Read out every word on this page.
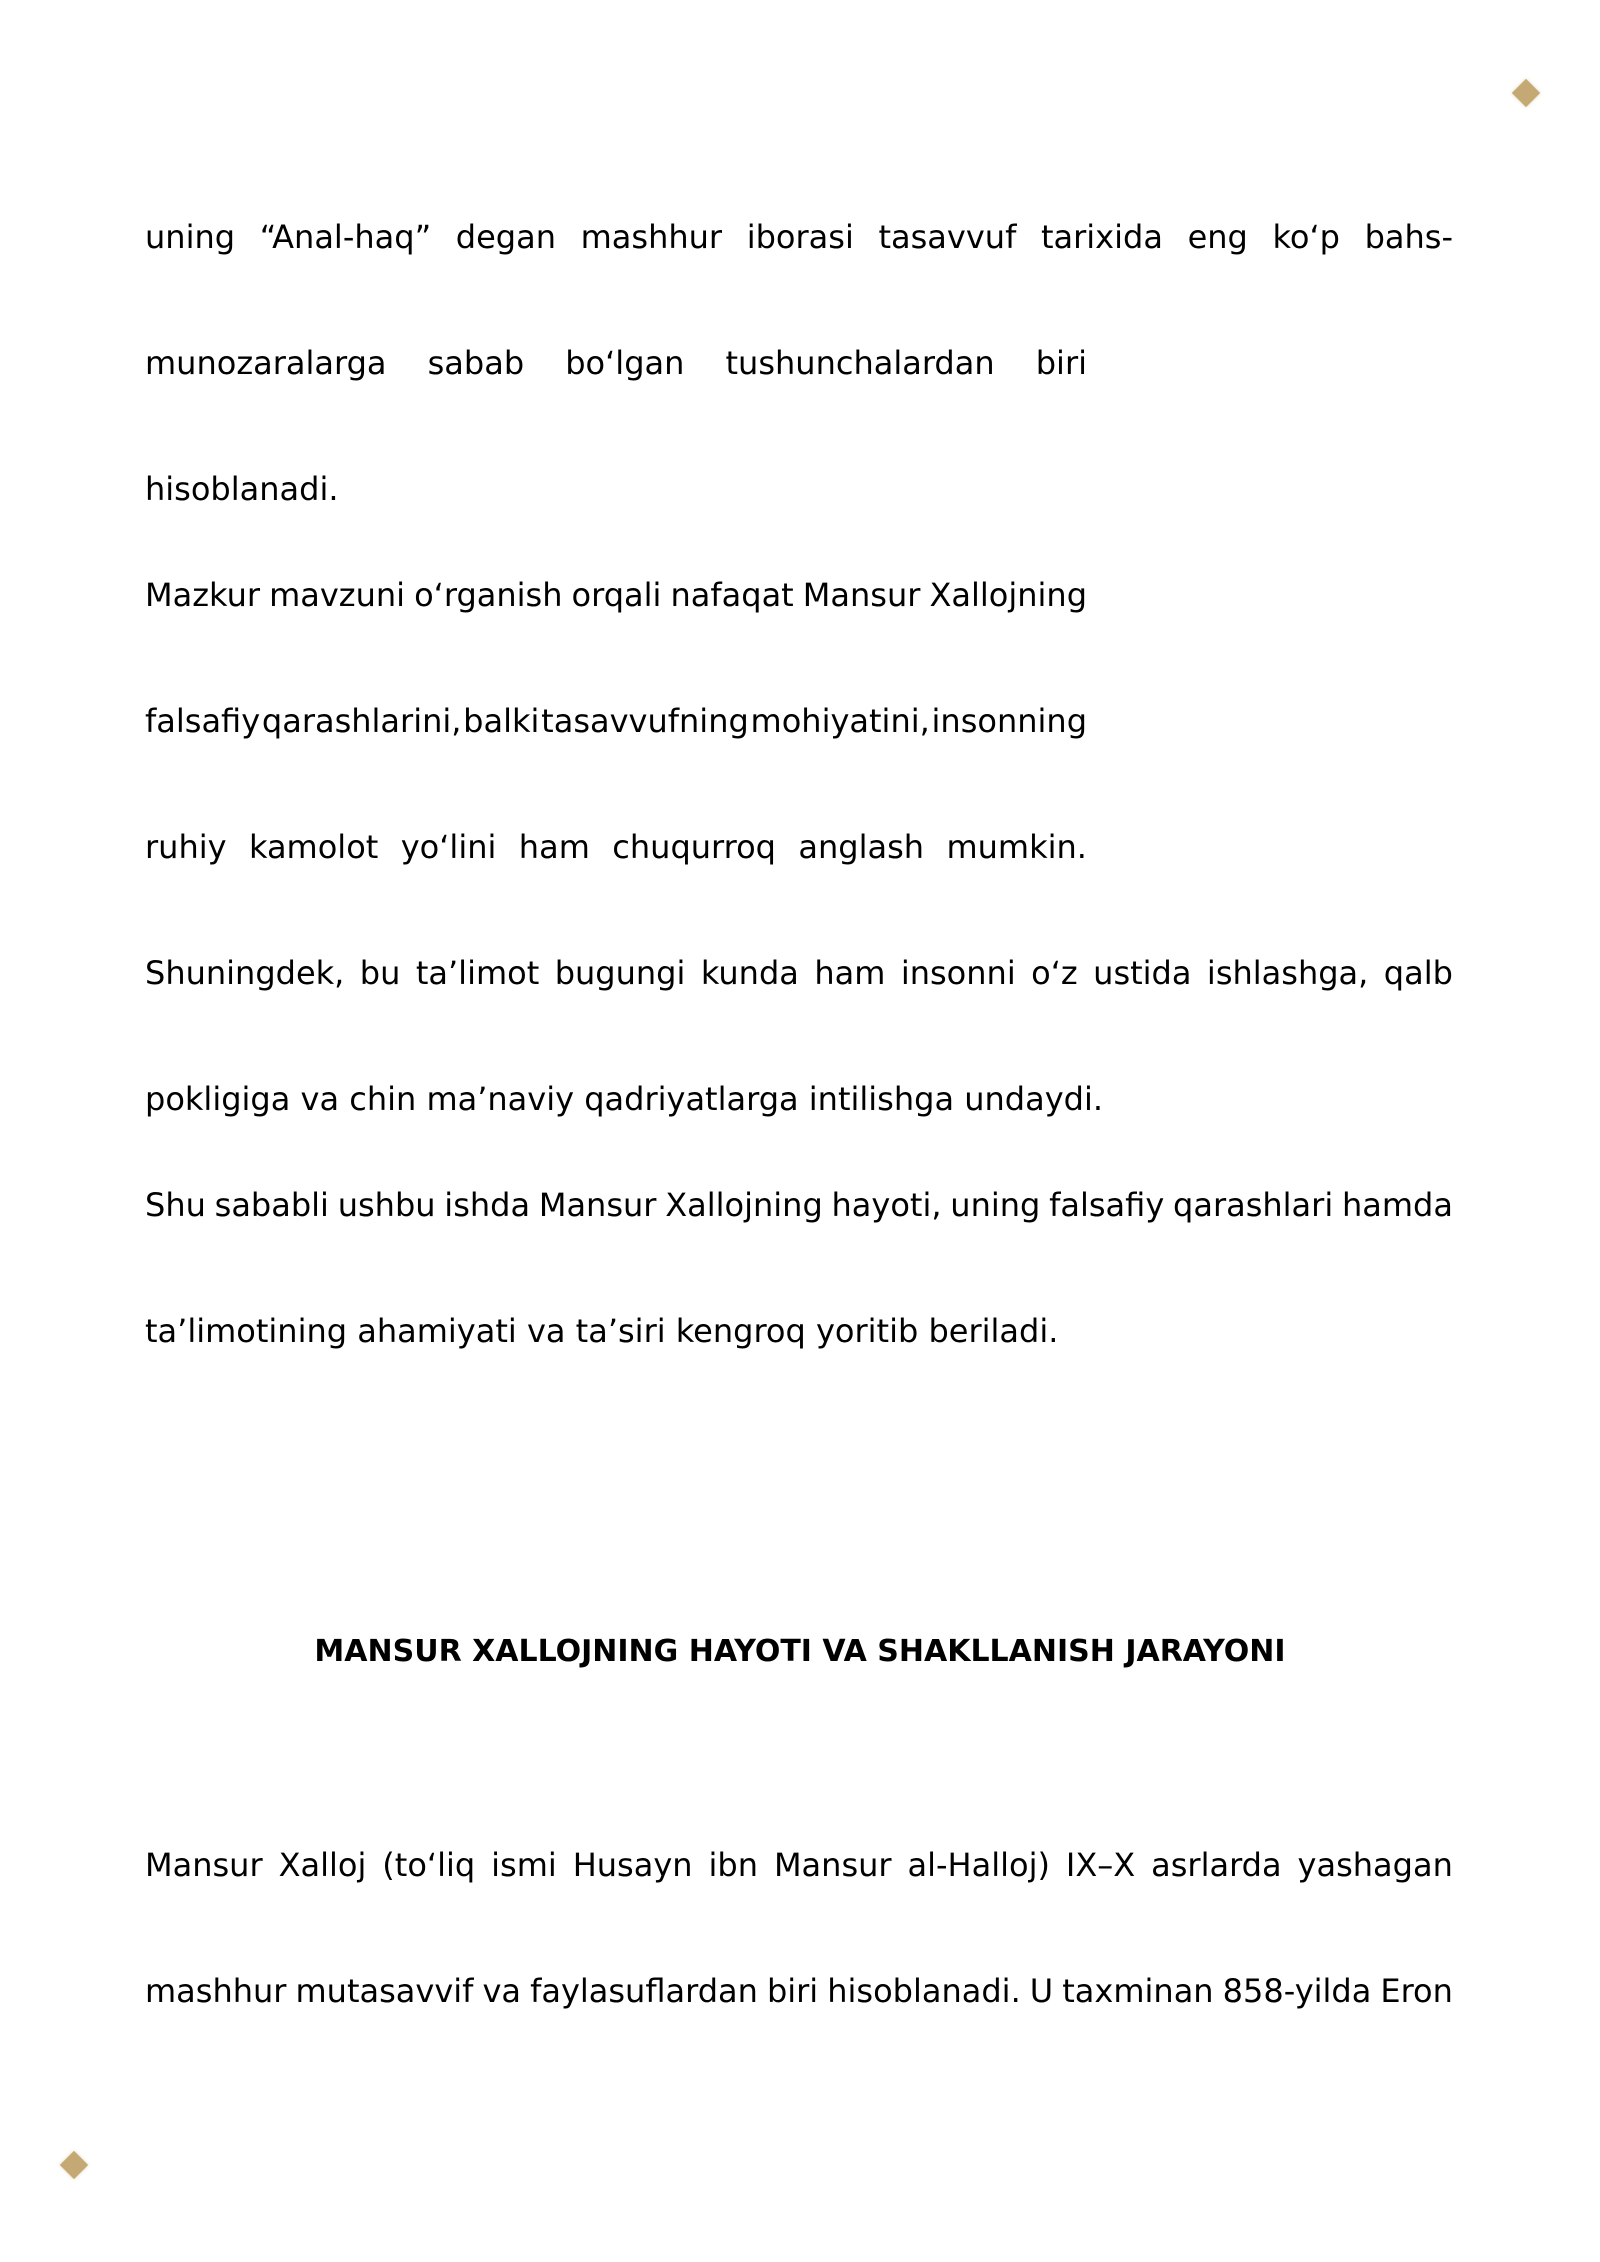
uning “Anal-haq” degan mashhur iborasi tasavvuf tarixida eng ko‘p bahs-
munozaralarga sabab bo‘lgan tushunchalardan biri

hisoblanadi.

Mazkur mavzuni o‘rganish orqali nafaqat Mansur Xallojning
falsafiy qarashlarini, balki tasavvufning mohiyatini, insonning
ruhiy kamolot yo‘lini ham chuqurroq anglash mumkin.
Shuningdek, bu ta’limot bugungi kunda ham insonni o‘z ustida ishlashga, qalb

pokligiga va chin ma’naviy qadriyatlarga intilishga undaydi.

Shu sababli ushbu ishda Mansur Xallojning hayoti, uning falsafiy qarashlari hamda

ta’limotining ahamiyati va ta’siri kengroq yoritib beriladi.

MANSUR XALLOJNING HAYOTI VA SHAKLLANISH JARAYONI
Mansur Xalloj (to‘liq ismi Husayn ibn Mansur al-Halloj) IX–X asrlarda yashagan
mashhur mutasavvif va faylasuflardan biri hisoblanadi. U taxminan 858-yilda Eron
